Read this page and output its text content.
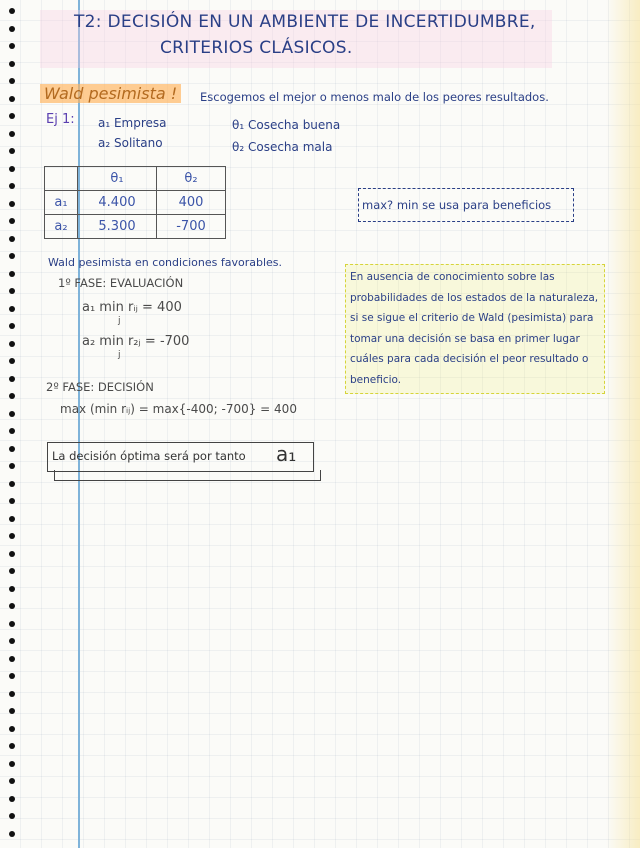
T2: DECISIÓN EN UN AMBIENTE DE INCERTIDUMBRE,
CRITERIOS CLÁSICOS.
Wald pesimista !	Escogemos el mejor o menos malo de los peores resultados.
Ej 1: a₁ Empresa
a₂ Solitano
θ₁ Cosecha buena
θ₂ Cosecha mala
	θ₁	θ₂
a₁	4.400	400
a₂	5.300	-700
max? min se usa para beneficios
Wald pesimista en condiciones favorables.
En ausencia de conocimiento sobre las probabilidades de los estados de la naturaleza, si se sigue el criterio de Wald (pesimista) para tomar una decisión se basa en primer lugar cuáles para cada decisión el peor resultado o beneficio.
1º FASE: EVALUACIÓN
a₁ min rᵢⱼ = 400
j
a₂ min r₂ⱼ = -700
j
2º FASE: DECISIÓN
max (min rᵢⱼ) = max{-400; -700} = 400
La decisión óptima será por tanto a₁
